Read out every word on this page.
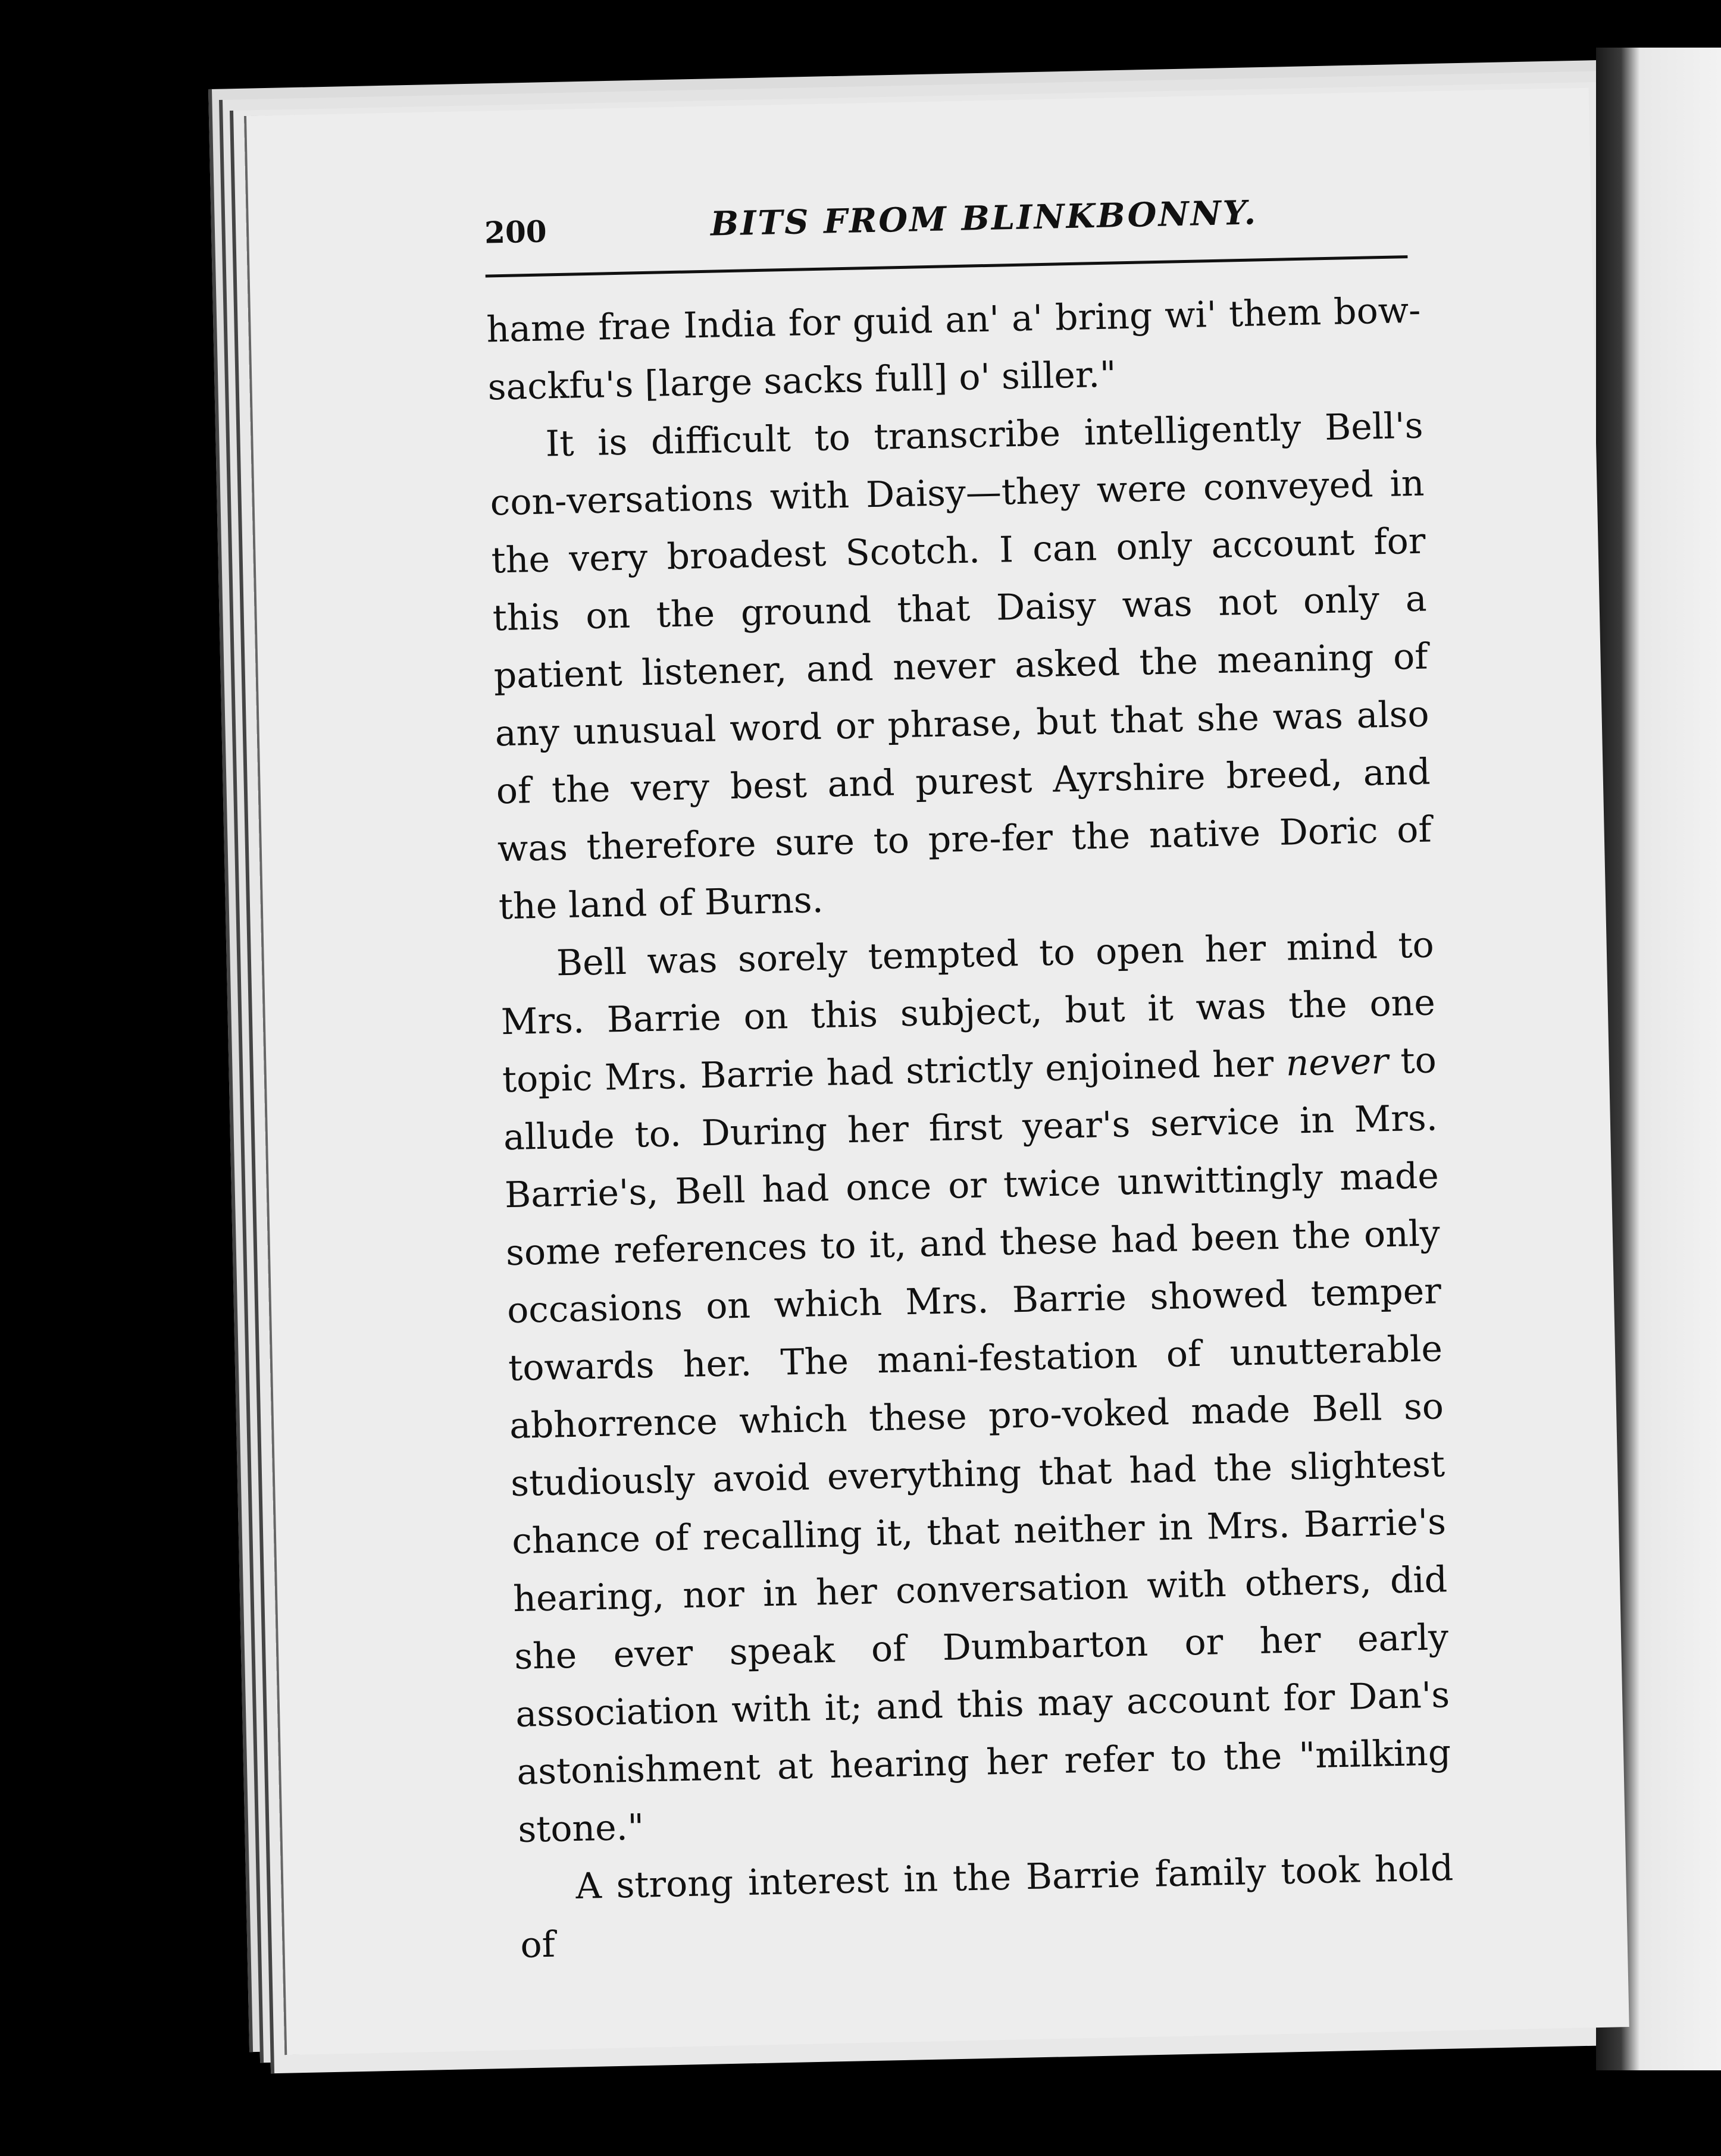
200	BITS FROM BLINKBONNY.

hame frae India for guid an' a' bring wi' them bow-sackfu's [large sacks full] o' siller."

It is difficult to transcribe intelligently Bell's con-versations with Daisy—they were conveyed in the very broadest Scotch. I can only account for this on the ground that Daisy was not only a patient listener, and never asked the meaning of any unusual word or phrase, but that she was also of the very best and purest Ayrshire breed, and was therefore sure to pre-fer the native Doric of the land of Burns.

Bell was sorely tempted to open her mind to Mrs. Barrie on this subject, but it was the one topic Mrs. Barrie had strictly enjoined her never to allude to. During her first year's service in Mrs. Barrie's, Bell had once or twice unwittingly made some references to it, and these had been the only occasions on which Mrs. Barrie showed temper towards her. The mani-festation of unutterable abhorrence which these pro-voked made Bell so studiously avoid everything that had the slightest chance of recalling it, that neither in Mrs. Barrie's hearing, nor in her conversation with others, did she ever speak of Dumbarton or her early association with it; and this may account for Dan's astonishment at hearing her refer to the "milking stone."

A strong interest in the Barrie family took hold of
